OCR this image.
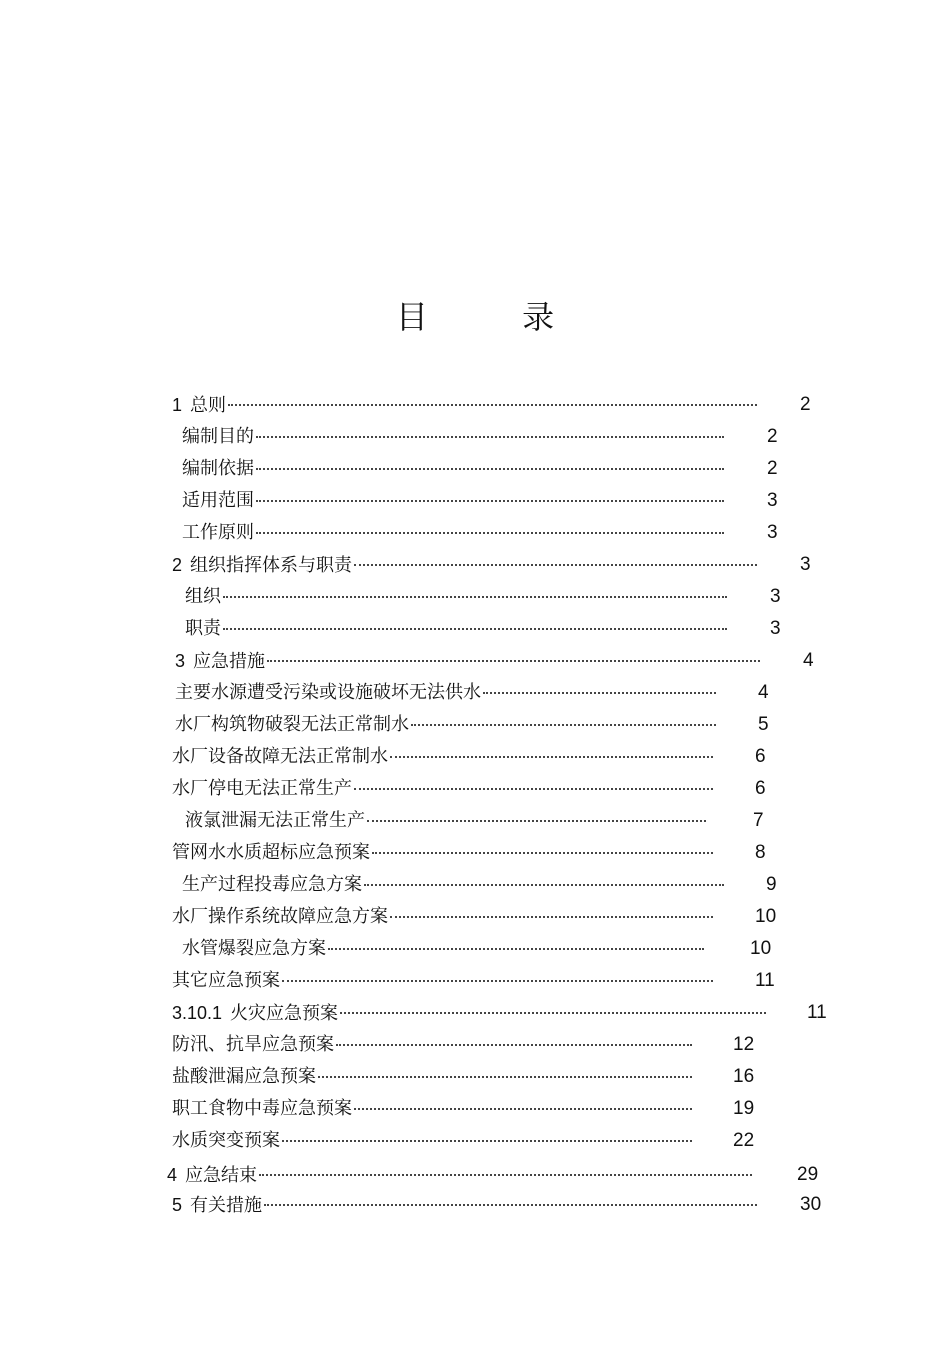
目 录
1 总则	2
编制目的	2
编制依据	2
适用范围	3
工作原则	3
2 组织指挥体系与职责	3
组织	3
职责	3
3 应急措施	4
主要水源遭受污染或设施破坏无法供水	4
水厂构筑物破裂无法正常制水	5
水厂设备故障无法正常制水	6
水厂停电无法正常生产	6
液氯泄漏无法正常生产	7
管网水水质超标应急预案	8
生产过程投毒应急方案	9
水厂操作系统故障应急方案	10
水管爆裂应急方案	10
其它应急预案	11
3.10.1 火灾应急预案	11
防汛、抗旱应急预案	12
盐酸泄漏应急预案	16
职工食物中毒应急预案	19
水质突变预案	22
4 应急结束	29
5 有关措施	30
